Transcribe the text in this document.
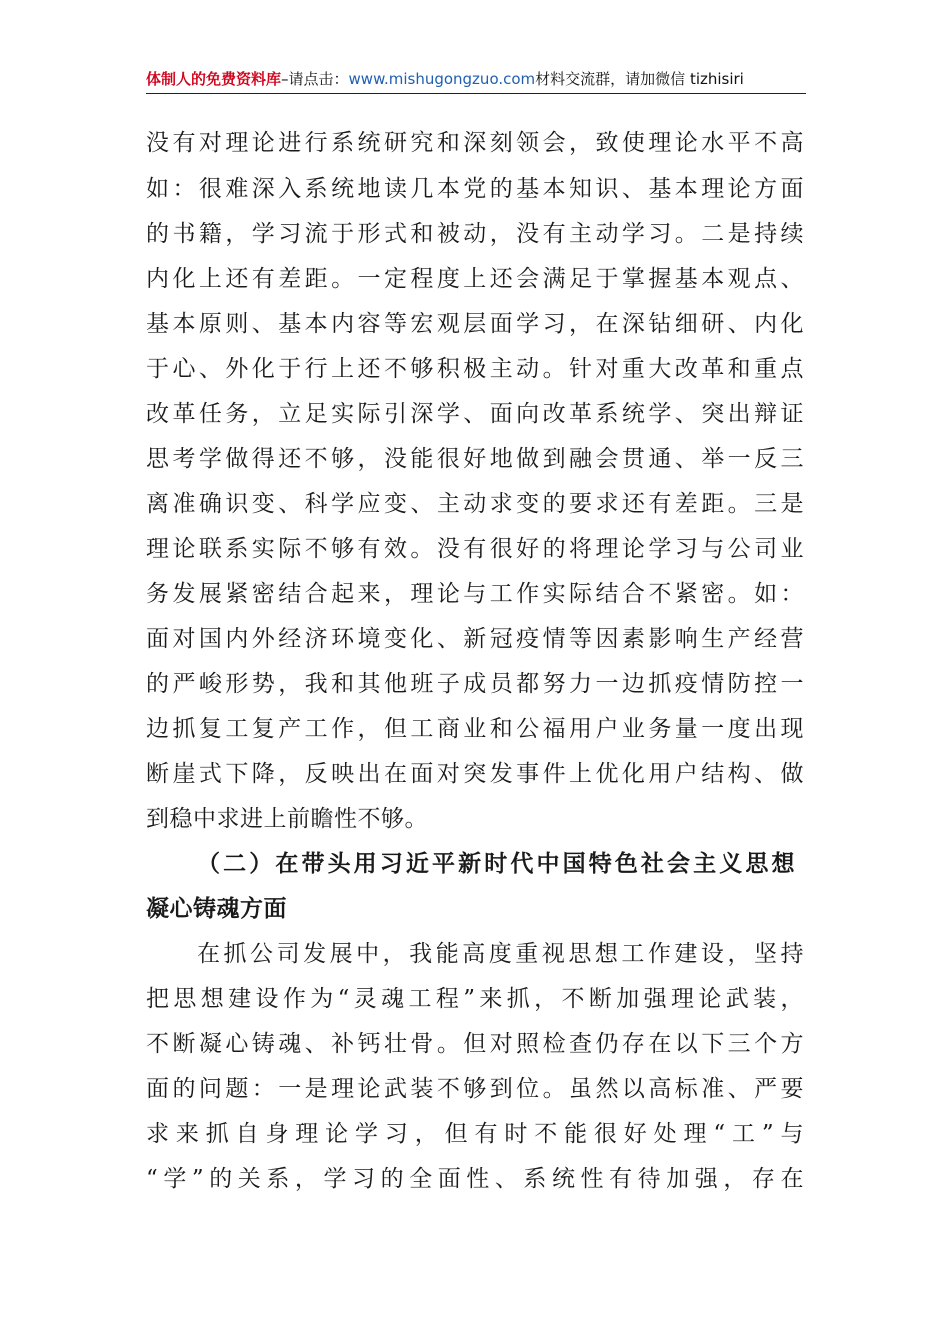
体制人的免费资料库–请点击：www.mishugongzuo.com材料交流群，请加微信 tizhisiri
没有对理论进行系统研究和深刻领会，致使理论水平不高
如：很难深入系统地读几本党的基本知识、基本理论方面
的书籍，学习流于形式和被动，没有主动学习。二是持续
内化上还有差距。一定程度上还会满足于掌握基本观点、
基本原则、基本内容等宏观层面学习，在深钻细研、内化
于心、外化于行上还不够积极主动。针对重大改革和重点
改革任务，立足实际引深学、面向改革系统学、突出辩证
思考学做得还不够，没能很好地做到融会贯通、举一反三
离准确识变、科学应变、主动求变的要求还有差距。三是
理论联系实际不够有效。没有很好的将理论学习与公司业
务发展紧密结合起来，理论与工作实际结合不紧密。如：
面对国内外经济环境变化、新冠疫情等因素影响生产经营
的严峻形势，我和其他班子成员都努力一边抓疫情防控一
边抓复工复产工作，但工商业和公福用户业务量一度出现
断崖式下降，反映出在面对突发事件上优化用户结构、做
到稳中求进上前瞻性不够。
（二）在带头用习近平新时代中国特色社会主义思想
凝心铸魂方面
在抓公司发展中，我能高度重视思想工作建设，坚持
把思想建设作为“灵魂工程”来抓，不断加强理论武装，
不断凝心铸魂、补钙壮骨。但对照检查仍存在以下三个方
面的问题：一是理论武装不够到位。虽然以高标准、严要
求来抓自身理论学习，但有时不能很好处理“工”与
“学”的关系，学习的全面性、系统性有待加强，存在
